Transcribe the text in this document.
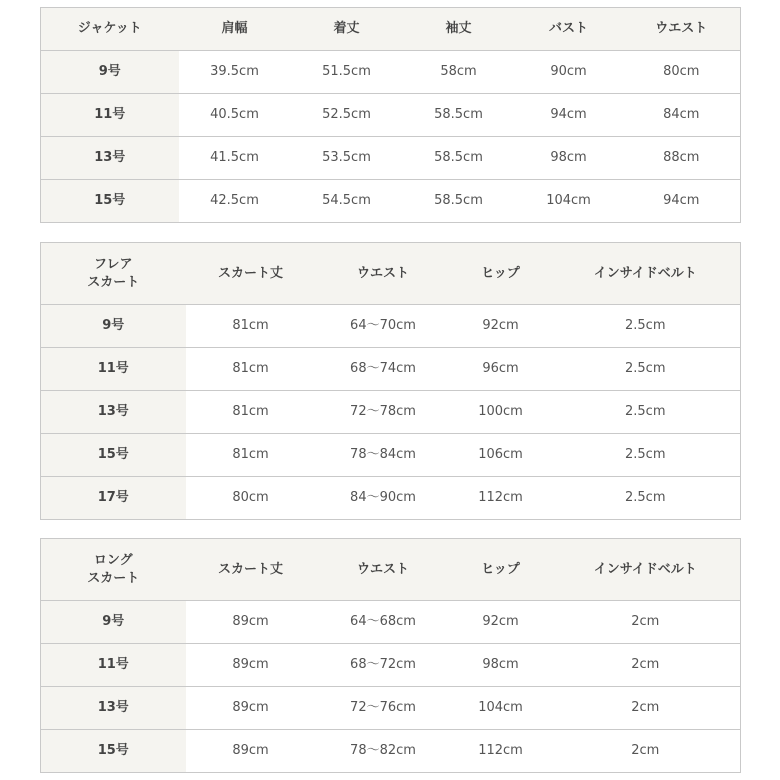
ジャケット	肩幅	着丈	袖丈	バスト	ウエスト
9号	39.5cm	51.5cm	58cm	90cm	80cm
11号	40.5cm	52.5cm	58.5cm	94cm	84cm
13号	41.5cm	53.5cm	58.5cm	98cm	88cm
15号	42.5cm	54.5cm	58.5cm	104cm	94cm
フレア
スカート	スカート丈	ウエスト	ヒップ	インサイドベルト
9号	81cm	64〜70cm	92cm	2.5cm
11号	81cm	68〜74cm	96cm	2.5cm
13号	81cm	72〜78cm	100cm	2.5cm
15号	81cm	78〜84cm	106cm	2.5cm
17号	80cm	84〜90cm	112cm	2.5cm
ロング
スカート	スカート丈	ウエスト	ヒップ	インサイドベルト
9号	89cm	64〜68cm	92cm	2cm
11号	89cm	68〜72cm	98cm	2cm
13号	89cm	72〜76cm	104cm	2cm
15号	89cm	78〜82cm	112cm	2cm
